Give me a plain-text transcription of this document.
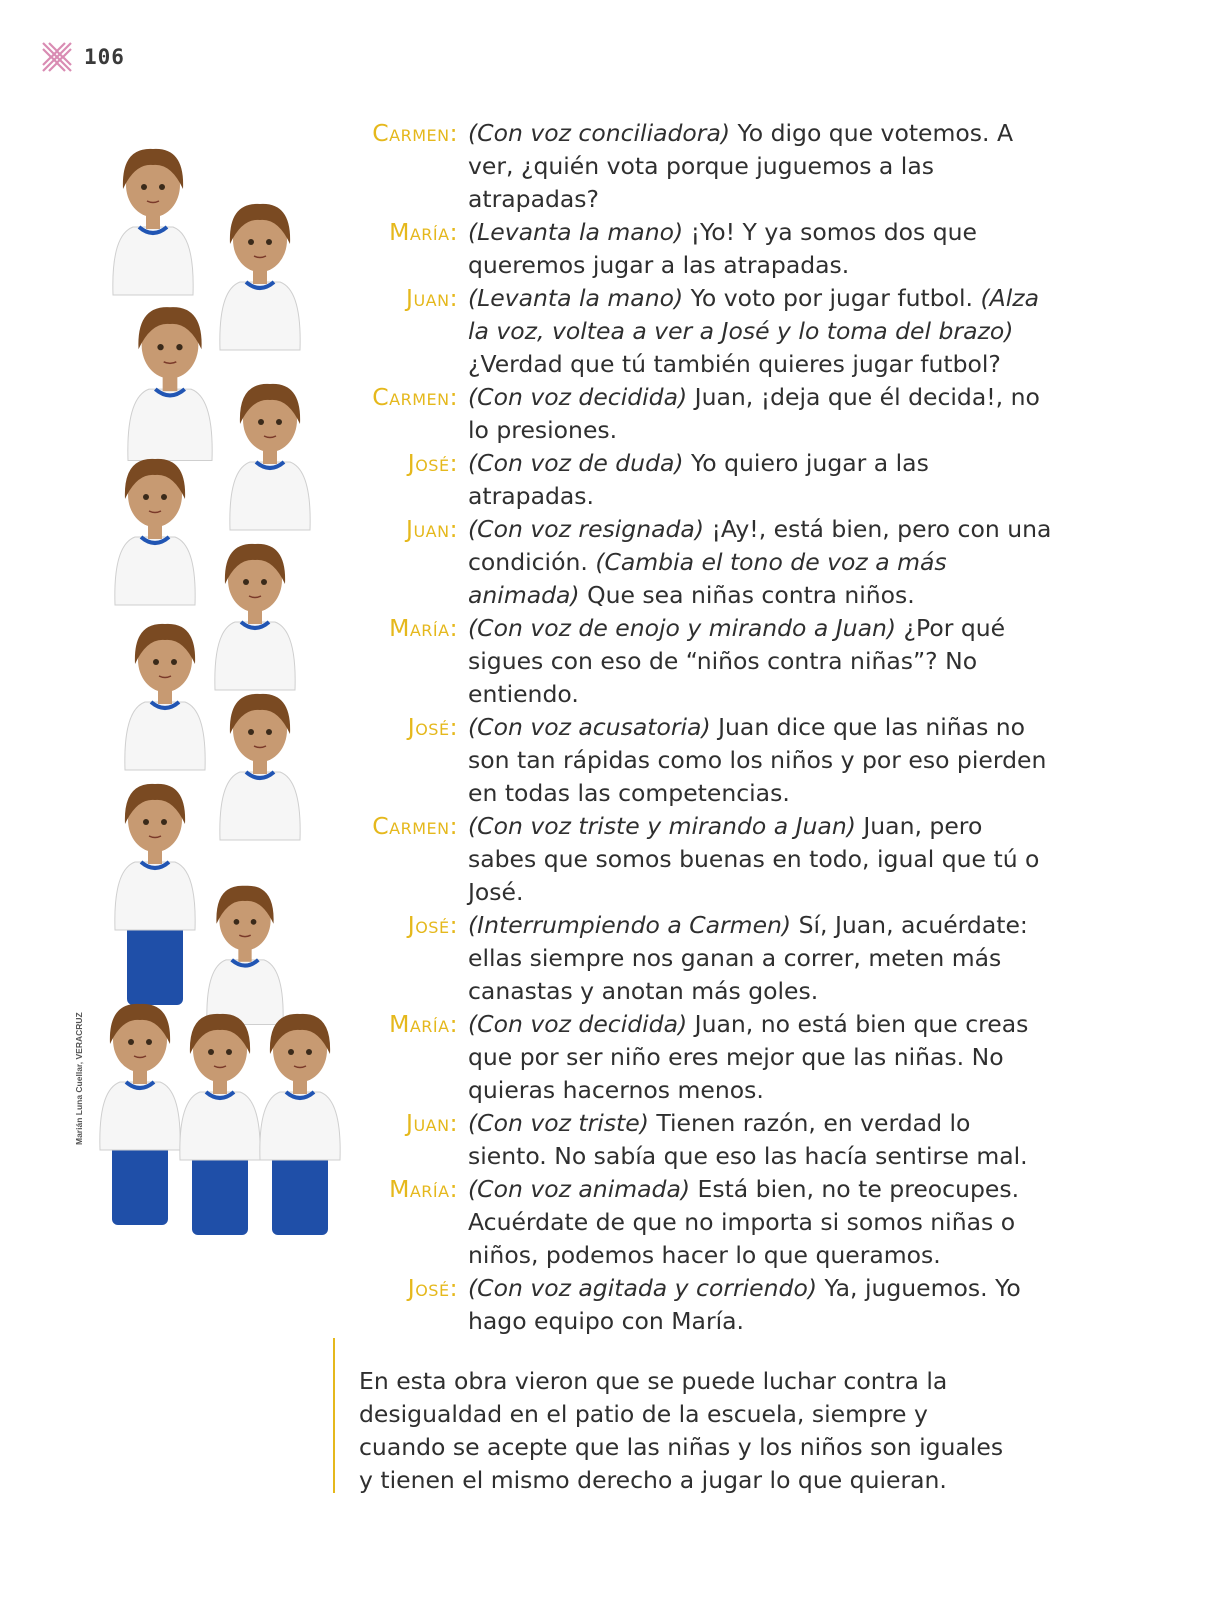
106
Marián Luna Cuellar, VERACRUZ
Carmen: (Con voz conciliadora) Yo digo que votemos. A ver, ¿quién vota porque juguemos a las atrapadas?
María: (Levanta la mano) ¡Yo! Y ya somos dos que queremos jugar a las atrapadas.
Juan: (Levanta la mano) Yo voto por jugar futbol. (Alza la voz, voltea a ver a José y lo toma del brazo) ¿Verdad que tú también quieres jugar futbol?
Carmen: (Con voz decidida) Juan, ¡deja que él decida!, no lo presiones.
José: (Con voz de duda) Yo quiero jugar a las atrapadas.
Juan: (Con voz resignada) ¡Ay!, está bien, pero con una condición. (Cambia el tono de voz a más animada) Que sea niñas contra niños.
María: (Con voz de enojo y mirando a Juan) ¿Por qué sigues con eso de “niños contra niñas”? No entiendo.
José: (Con voz acusatoria) Juan dice que las niñas no son tan rápidas como los niños y por eso pierden en todas las competencias.
Carmen: (Con voz triste y mirando a Juan) Juan, pero sabes que somos buenas en todo, igual que tú o José.
José: (Interrumpiendo a Carmen) Sí, Juan, acuérdate: ellas siempre nos ganan a correr, meten más canastas y anotan más goles.
María: (Con voz decidida) Juan, no está bien que creas que por ser niño eres mejor que las niñas. No quieras hacernos menos.
Juan: (Con voz triste) Tienen razón, en verdad lo siento. No sabía que eso las hacía sentirse mal.
María: (Con voz animada) Está bien, no te preocupes. Acuérdate de que no importa si somos niñas o niños, podemos hacer lo que queramos.
José: (Con voz agitada y corriendo) Ya, juguemos. Yo hago equipo con María.

En esta obra vieron que se puede luchar contra la desigualdad en el patio de la escuela, siempre y cuando se acepte que las niñas y los niños son iguales y tienen el mismo derecho a jugar lo que quieran.
